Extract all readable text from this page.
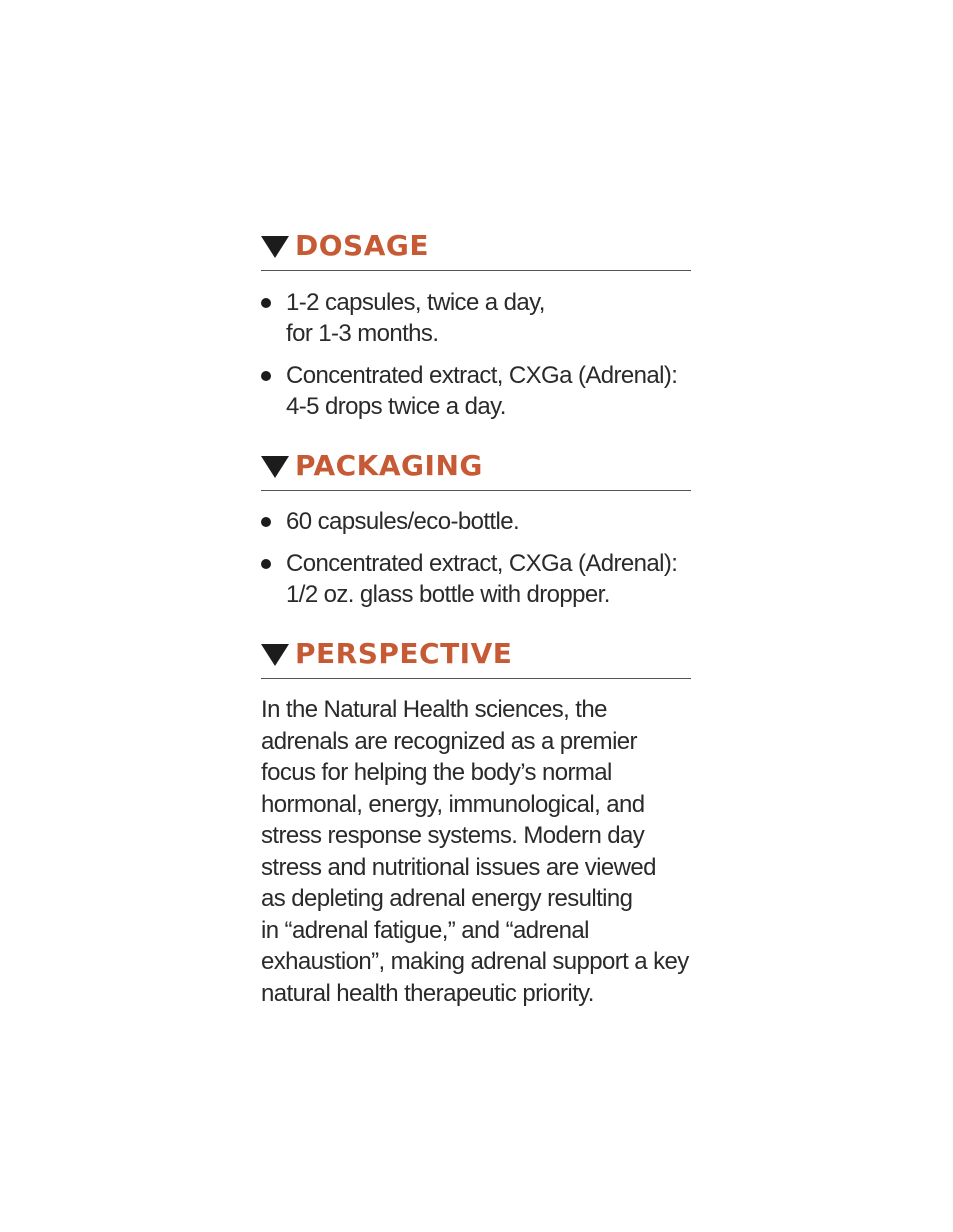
DOSAGE
1-2 capsules, twice a day,
for 1-3 months.
Concentrated extract, CXGa (Adrenal):
4-5 drops twice a day.
PACKAGING
60 capsules/eco-bottle.
Concentrated extract, CXGa (Adrenal):
1/2 oz. glass bottle with dropper.
PERSPECTIVE
In the Natural Health sciences, the
adrenals are recognized as a premier
focus for helping the body’s normal
hormonal, energy, immunological, and
stress response systems. Modern day
stress and nutritional issues are viewed
as depleting adrenal energy resulting
in “adrenal fatigue,” and “adrenal
exhaustion”, making adrenal support a key
natural health therapeutic priority.
